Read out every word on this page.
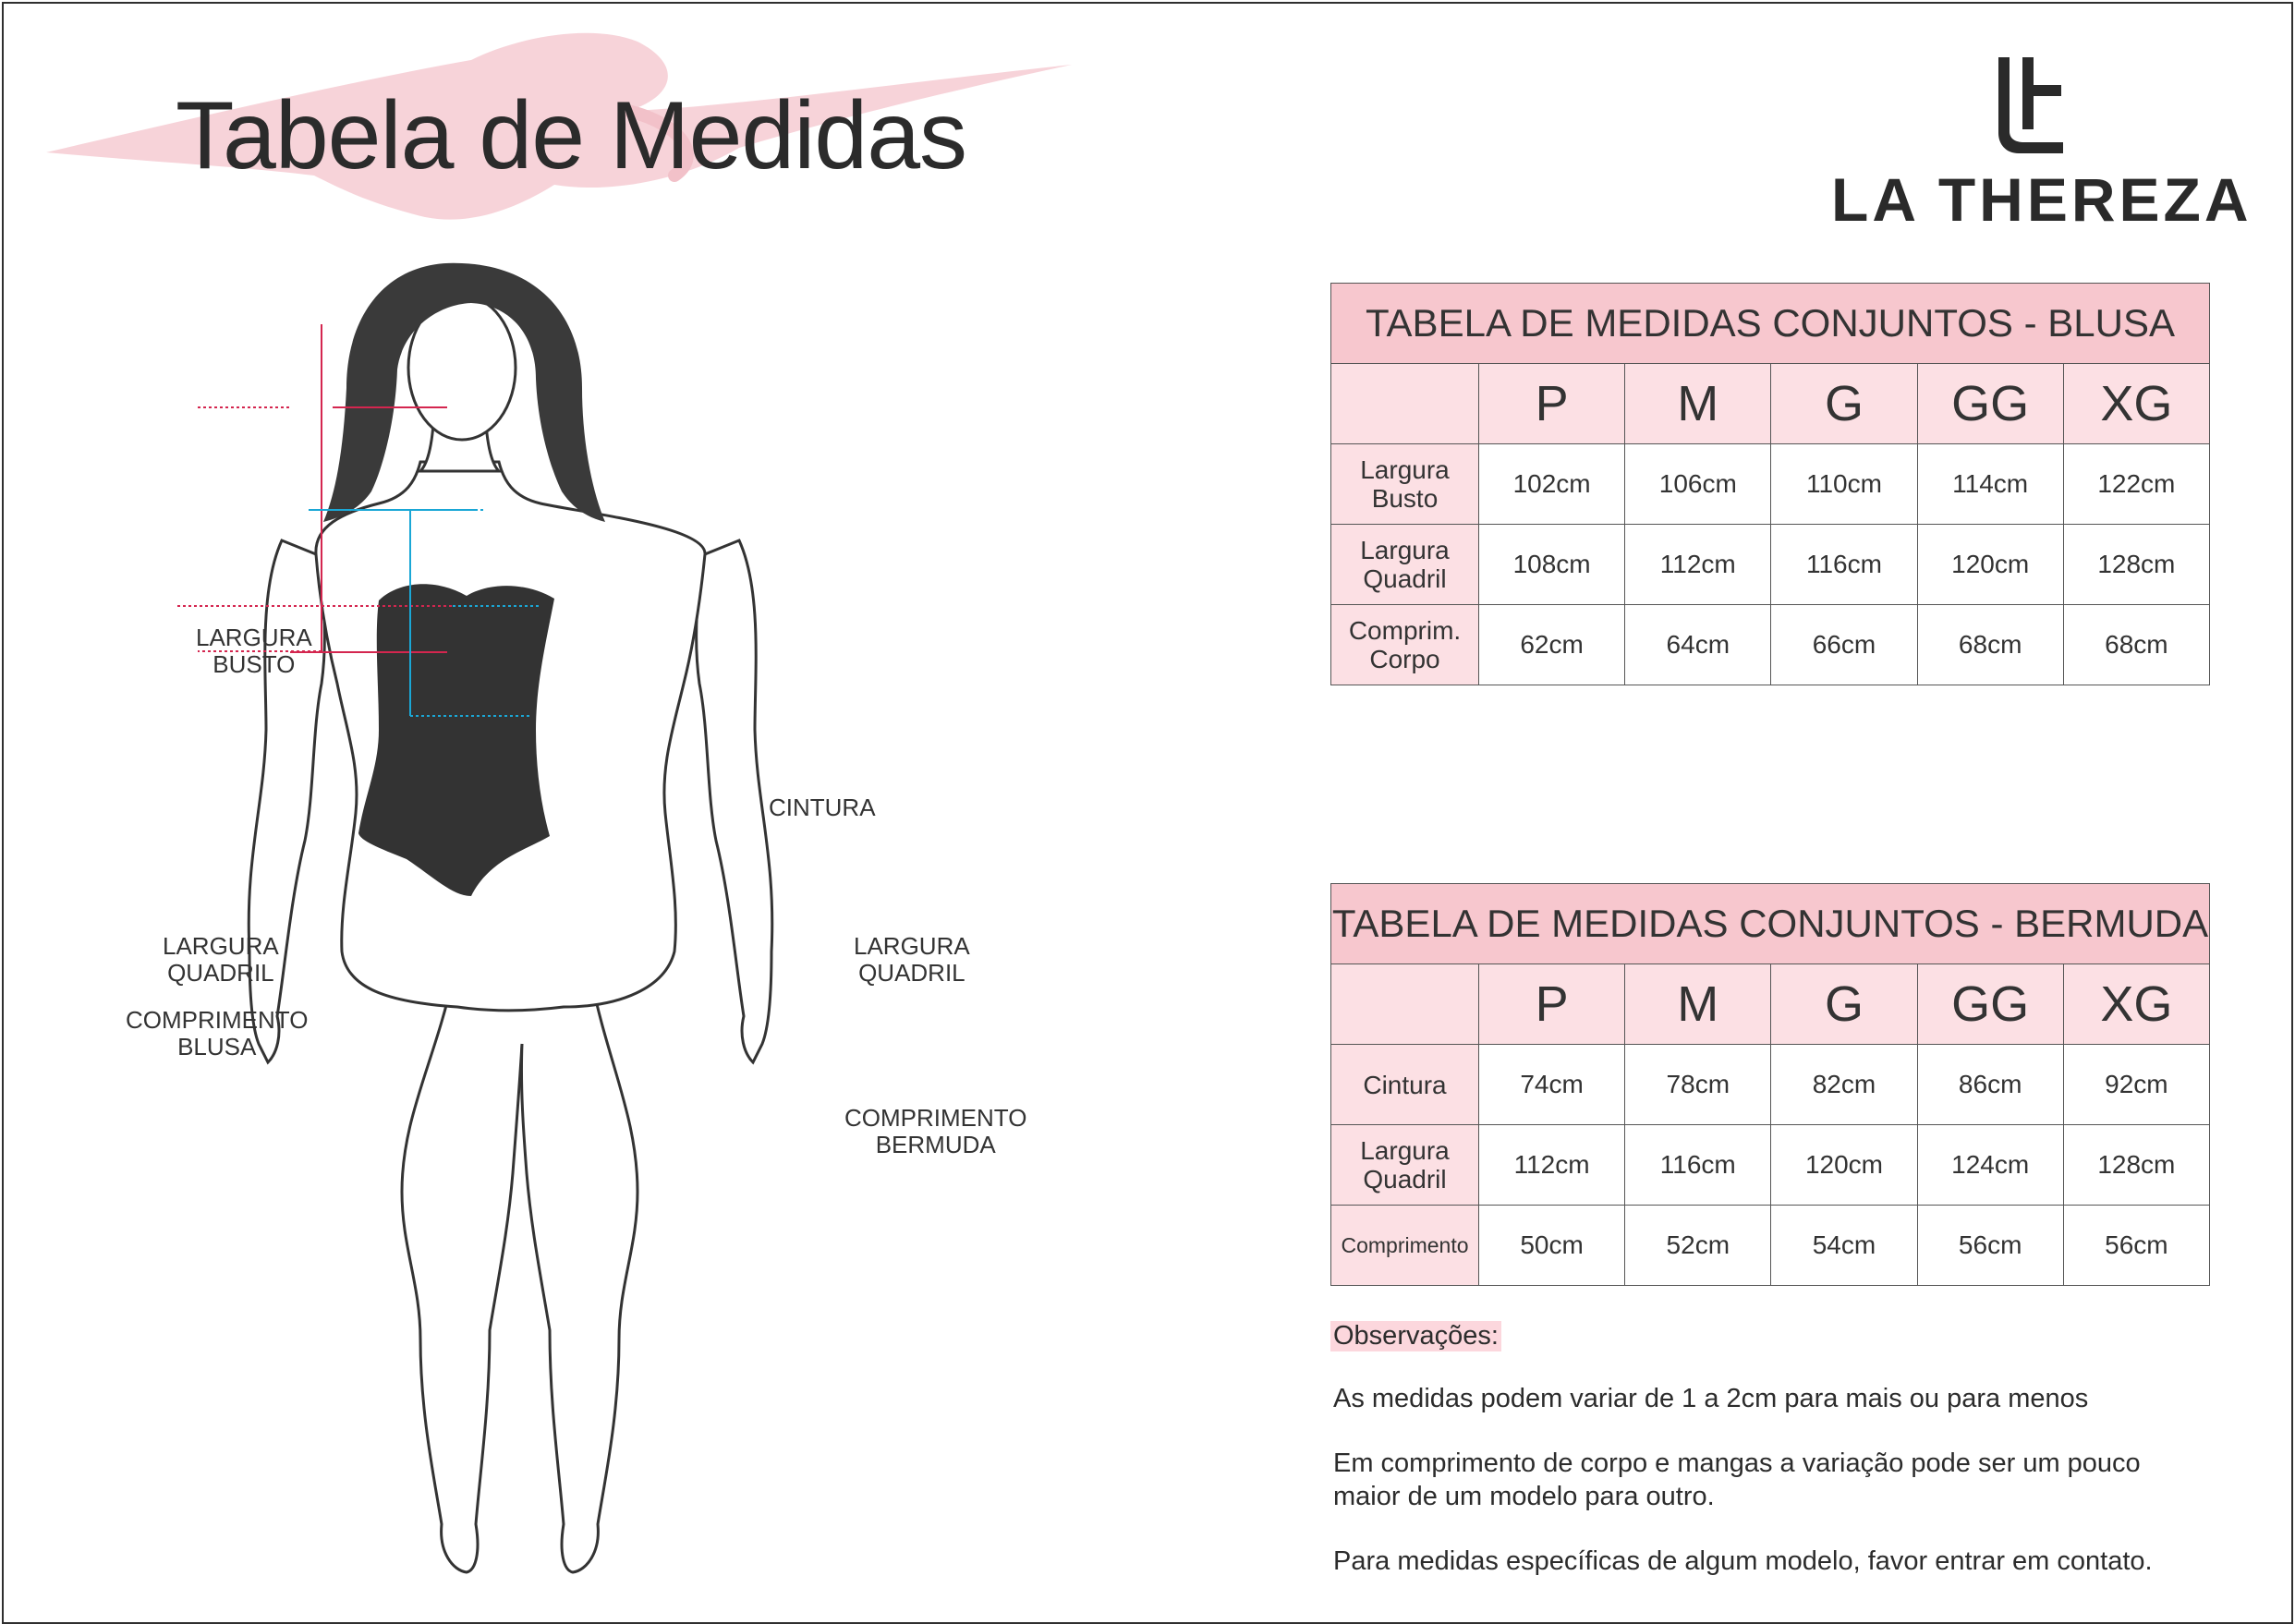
Tabela de Medidas
LA THEREZA
LARGURA
BUSTO
CINTURA
LARGURA
QUADRIL
COMPRIMENTO
BLUSA
LARGURA
QUADRIL
COMPRIMENTO
BERMUDA
TABELA DE MEDIDAS CONJUNTOS - BLUSA					
	P	M	G	GG	XG
Largura
Busto	102cm	106cm	110cm	114cm	122cm
Largura
Quadril	108cm	112cm	116cm	120cm	128cm
Comprim.
Corpo	62cm	64cm	66cm	68cm	68cm
TABELA DE MEDIDAS CONJUNTOS - BERMUDA					
	P	M	G	GG	XG
Cintura	74cm	78cm	82cm	86cm	92cm
Largura
Quadril	112cm	116cm	120cm	124cm	128cm
Comprimento	50cm	52cm	54cm	56cm	56cm

Observações:

As medidas podem variar de 1 a 2cm para mais ou para menos

Em comprimento de corpo e mangas a variação pode ser um pouco

maior de um modelo para outro.

Para medidas específicas de algum modelo, favor entrar em contato.
